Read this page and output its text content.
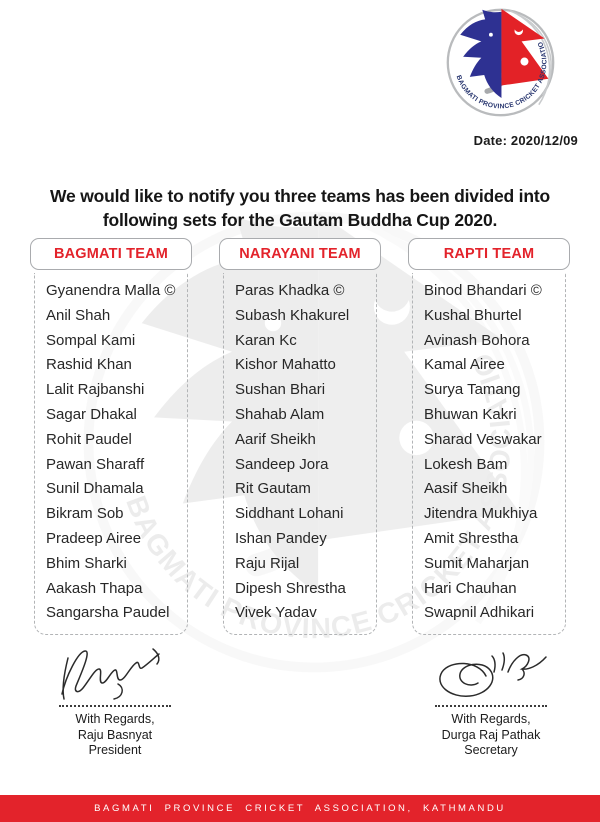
Date: 2020/12/09
We would like to notify you three teams has been divided into
following sets for the Gautam Buddha Cup 2020.
BAGMATI TEAM
Gyanendra Malla ©
Anil Shah
Sompal Kami
Rashid Khan
Lalit Rajbanshi
Sagar Dhakal
Rohit Paudel
Pawan Sharaff
Sunil Dhamala
Bikram Sob
Pradeep Airee
Bhim Sharki
Aakash Thapa
Sangarsha Paudel
NARAYANI TEAM
Paras Khadka ©
Subash Khakurel
Karan Kc
Kishor Mahatto
Sushan Bhari
Shahab Alam
Aarif Sheikh
Sandeep Jora
Rit Gautam
Siddhant Lohani
Ishan Pandey
Raju Rijal
Dipesh Shrestha
Vivek Yadav
RAPTI TEAM
Binod Bhandari ©
Kushal Bhurtel
Avinash Bohora
Kamal Airee
Surya Tamang
Bhuwan Kakri
Sharad Veswakar
Lokesh Bam
Aasif Sheikh
Jitendra Mukhiya
Amit Shrestha
Sumit Maharjan
Hari Chauhan
Swapnil Adhikari
With Regards,
Raju Basnyat
President
With Regards,
Durga Raj Pathak
Secretary
BAGMATI PROVINCE CRICKET ASSOCIATION, KATHMANDU
